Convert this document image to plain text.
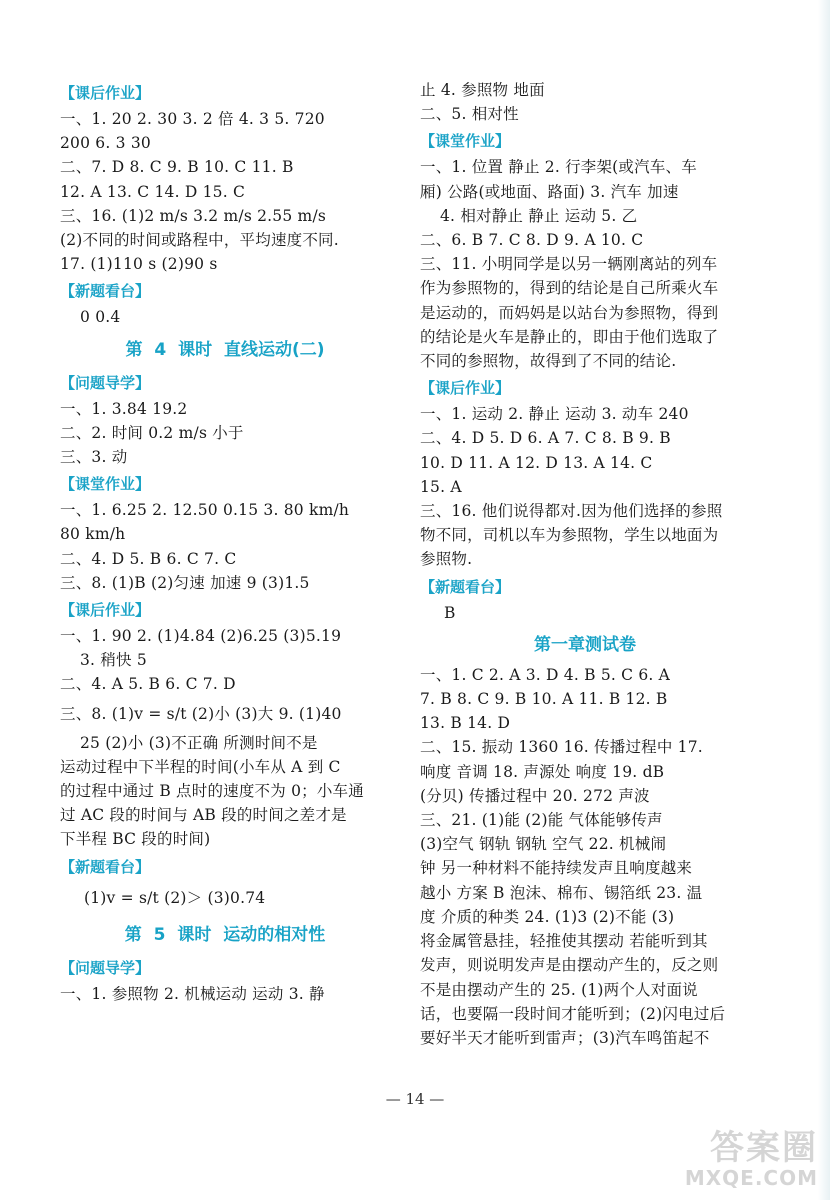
【课后作业】
一、1. 20 2. 30 3. 2 倍 4. 3 5. 720
200 6. 3 30
二、7. D 8. C 9. B 10. C 11. B
12. A 13. C 14. D 15. C
三、16. (1)2 m/s 3.2 m/s 2.55 m/s
(2)不同的时间或路程中，平均速度不同.
17. (1)110 s (2)90 s
【新题看台】
0 0.4
第 4 课时 直线运动(二)
【问题导学】
一、1. 3.84 19.2
二、2. 时间 0.2 m/s 小于
三、3. 动
【课堂作业】
一、1. 6.25 2. 12.50 0.15 3. 80 km/h
80 km/h
二、4. D 5. B 6. C 7. C
三、8. (1)B (2)匀速 加速 9 (3)1.5
【课后作业】
一、1. 90 2. (1)4.84 (2)6.25 (3)5.19
3. 稍快 5
二、4. A 5. B 6. C 7. D
三、8. (1)v = s/t (2)小 (3)大 9. (1)40
25 (2)小 (3)不正确 所测时间不是
运动过程中下半程的时间(小车从 A 到 C
的过程中通过 B 点时的速度不为 0；小车通
过 AC 段的时间与 AB 段的时间之差才是
下半程 BC 段的时间)
【新题看台】
(1)v = s/t (2)＞ (3)0.74
第 5 课时 运动的相对性
【问题导学】
一、1. 参照物 2. 机械运动 运动 3. 静
止 4. 参照物 地面
二、5. 相对性
【课堂作业】
一、1. 位置 静止 2. 行李架(或汽车、车
厢) 公路(或地面、路面) 3. 汽车 加速
4. 相对静止 静止 运动 5. 乙
二、6. B 7. C 8. D 9. A 10. C
三、11. 小明同学是以另一辆刚离站的列车
作为参照物的，得到的结论是自己所乘火车
是运动的，而妈妈是以站台为参照物，得到
的结论是火车是静止的，即由于他们选取了
不同的参照物，故得到了不同的结论.
【课后作业】
一、1. 运动 2. 静止 运动 3. 动车 240
二、4. D 5. D 6. A 7. C 8. B 9. B
10. D 11. A 12. D 13. A 14. C
15. A
三、16. 他们说得都对.因为他们选择的参照
物不同，司机以车为参照物，学生以地面为
参照物.
【新题看台】
B
第一章测试卷
一、1. C 2. A 3. D 4. B 5. C 6. A
7. B 8. C 9. B 10. A 11. B 12. B
13. B 14. D
二、15. 振动 1360 16. 传播过程中 17.
响度 音调 18. 声源处 响度 19. dB
(分贝) 传播过程中 20. 272 声波
三、21. (1)能 (2)能 气体能够传声
(3)空气 钢轨 钢轨 空气 22. 机械闹
钟 另一种材料不能持续发声且响度越来
越小 方案 B 泡沫、棉布、锡箔纸 23. 温
度 介质的种类 24. (1)3 (2)不能 (3)
将金属管悬挂，轻推使其摆动 若能听到其
发声，则说明发声是由摆动产生的，反之则
不是由摆动产生的 25. (1)两个人对面说
话，也要隔一段时间才能听到；(2)闪电过后
要好半天才能听到雷声；(3)汽车鸣笛起不
— 14 —
答案圈
MXQE.COM
